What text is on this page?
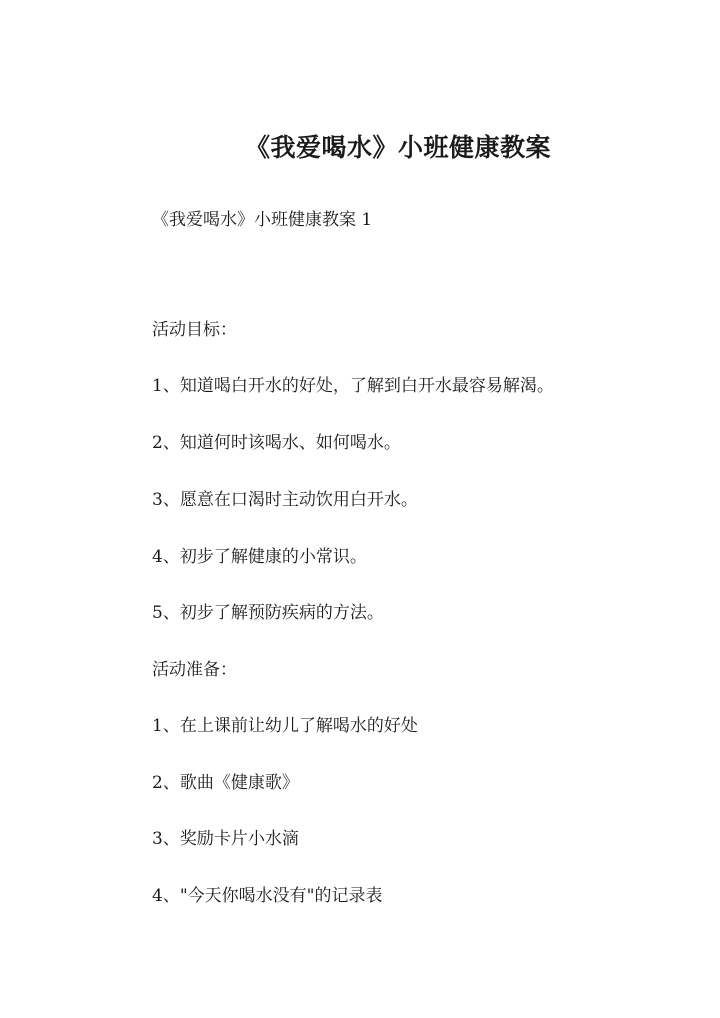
《我爱喝水》小班健康教案
《我爱喝水》小班健康教案 1
活动目标：
1、知道喝白开水的好处，了解到白开水最容易解渴。
2、知道何时该喝水、如何喝水。
3、愿意在口渴时主动饮用白开水。
4、初步了解健康的小常识。
5、初步了解预防疾病的方法。
活动准备：
1、在上课前让幼儿了解喝水的好处
2、歌曲《健康歌》
3、奖励卡片小水滴
4、"今天你喝水没有"的记录表
